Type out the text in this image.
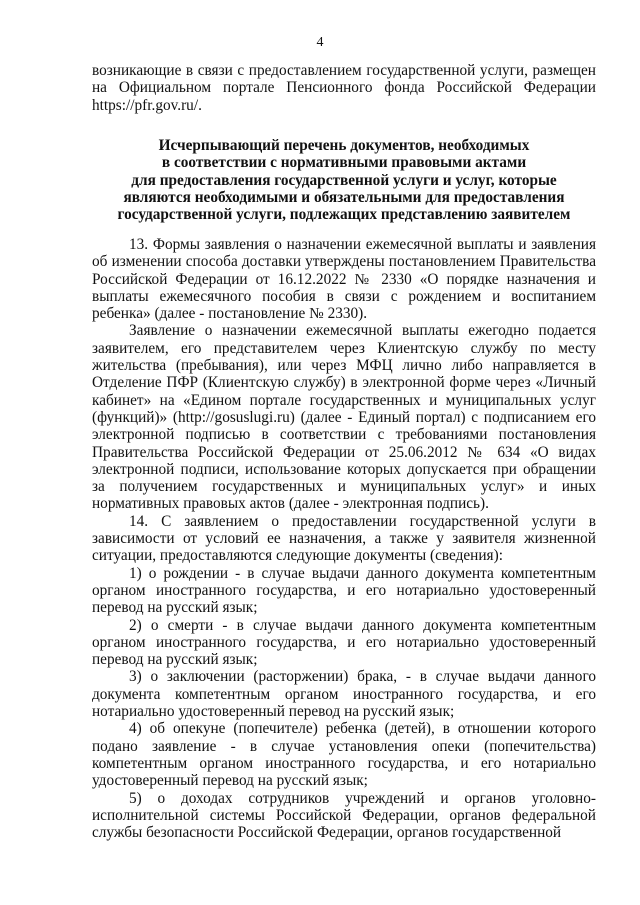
4

возникающие в связи с предоставлением государственной услуги, размещен на Официальном портале Пенсионного фонда Российской Федерации https://pfr.gov.ru/.

Исчерпывающий перечень документов, необходимых

в соответствии с нормативными правовыми актами

для предоставления государственной услуги и услуг, которые

являются необходимыми и обязательными для предоставления

государственной услуги, подлежащих представлению заявителем

13. Формы заявления о назначении ежемесячной выплаты и заявления об изменении способа доставки утверждены постановлением Правительства Российской Федерации от 16.12.2022 № 2330 «О порядке назначения и выплаты ежемесячного пособия в связи с рождением и воспитанием ребенка» (далее - постановление № 2330).

Заявление о назначении ежемесячной выплаты ежегодно подается заявителем, его представителем через Клиентскую службу по месту жительства (пребывания), или через МФЦ лично либо направляется в Отделение ПФР (Клиентскую службу) в электронной форме через «Личный кабинет» на «Едином портале государственных и муниципальных услуг (функций)» (http://gosuslugi.ru) (далее - Единый портал) с подписанием его электронной подписью в соответствии с требованиями постановления Правительства Российской Федерации от 25.06.2012 № 634 «О видах электронной подписи, использование которых допускается при обращении за получением государственных и муниципальных услуг» и иных нормативных правовых актов (далее - электронная подпись).

14. С заявлением о предоставлении государственной услуги в зависимости от условий ее назначения, а также у заявителя жизненной ситуации, предоставляются следующие документы (сведения):

1) о рождении - в случае выдачи данного документа компетентным органом иностранного государства, и его нотариально удостоверенный перевод на русский язык;

2) о смерти - в случае выдачи данного документа компетентным органом иностранного государства, и его нотариально удостоверенный перевод на русский язык;

3) о заключении (расторжении) брака, - в случае выдачи данного документа компетентным органом иностранного государства, и его нотариально удостоверенный перевод на русский язык;

4) об опекуне (попечителе) ребенка (детей), в отношении которого подано заявление - в случае установления опеки (попечительства) компетентным органом иностранного государства, и его нотариально удостоверенный перевод на русский язык;

5) о доходах сотрудников учреждений и органов уголовно-исполнительной системы Российской Федерации, органов федеральной службы безопасности Российской Федерации, органов государственной
